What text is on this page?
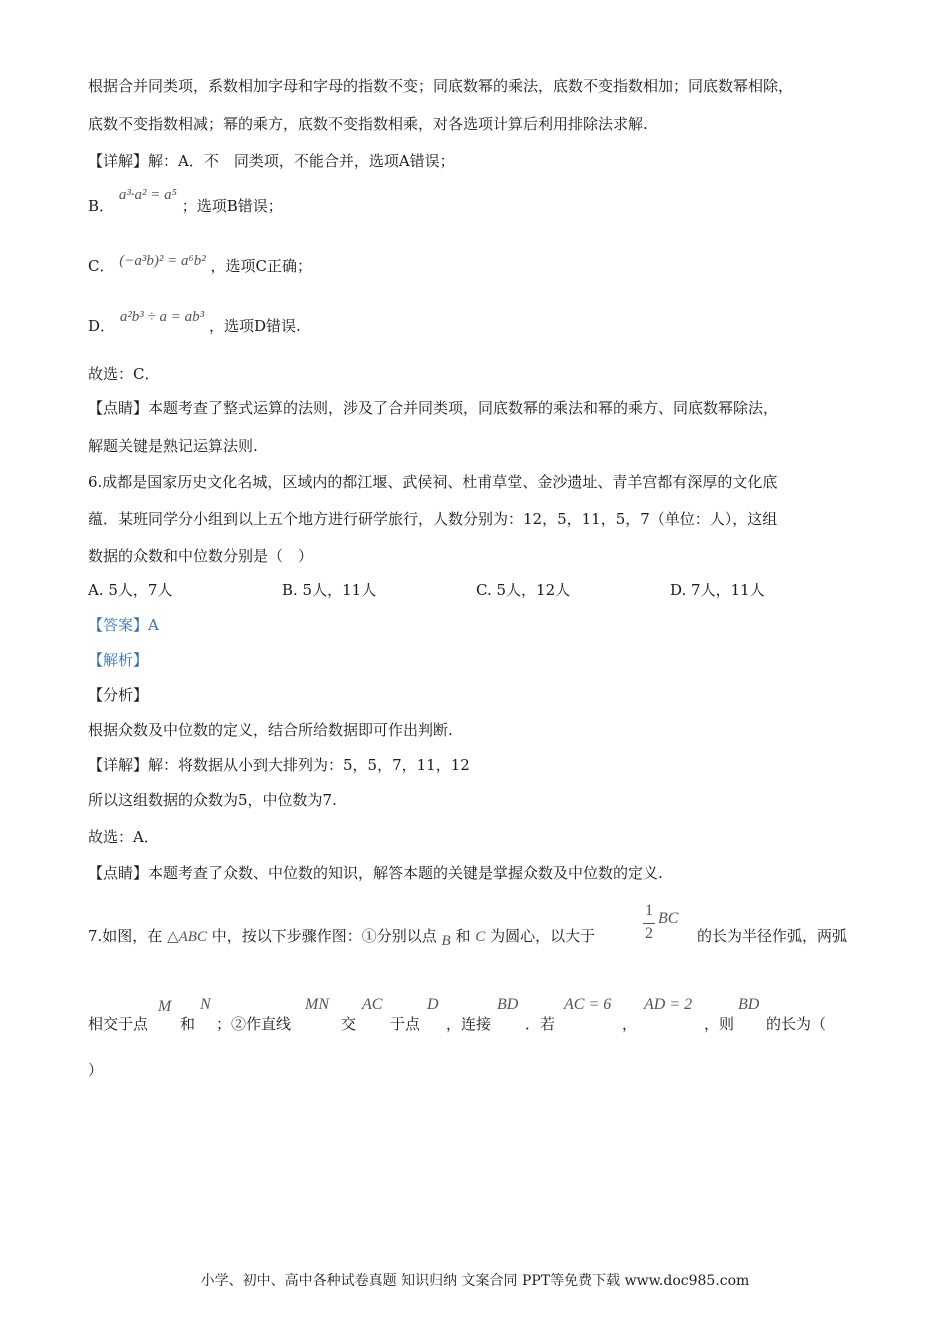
根据合并同类项，系数相加字母和字母的指数不变；同底数幂的乘法，底数不变指数相加；同底数幂相除，
底数不变指数相减；幂的乘方，底数不变指数相乘，对各选项计算后利用排除法求解.
【详解】解：A．不　同类项，不能合并，选项A错误；
B． a³·a² = a⁵ ；选项B错误；
C． (−a³b)² = a⁶b² ，选项C正确；
D． a²b³ ÷ a = ab³ ，选项D错误.
故选：C．
【点睛】本题考查了整式运算的法则，涉及了合并同类项，同底数幂的乘法和幂的乘方、同底数幂除法，
解题关键是熟记运算法则.
6.成都是国家历史文化名城，区域内的都江堰、武侯祠、杜甫草堂、金沙遗址、青羊宫都有深厚的文化底
蕴．某班同学分小组到以上五个地方进行研学旅行，人数分别为：12，5，11，5，7（单位：人），这组
数据的众数和中位数分别是（　）
A. 5人，7人	B. 5人，11人	C. 5人，12人	D. 7人，11人
【答案】A
【解析】
【分析】
根据众数及中位数的定义，结合所给数据即可作出判断.
【详解】解：将数据从小到大排列为：5，5，7，11，12
所以这组数据的众数为5，中位数为7.
故选：A．
【点睛】本题考查了众数、中位数的知识，解答本题的关键是掌握众数及中位数的定义.
7.如图，在 △ABC 中，按以下步骤作图：①分别以点 B 和 C 为圆心，以大于
1
2
BC
的长为半径作弧，两弧
相交于点
M
和
N
；②作直线
MN
交
AC
于点
D
，连接
BD
．若
AC = 6
，
AD = 2
，则
BD
的长为（
）
小学、初中、高中各种试卷真题 知识归纳 文案合同 PPT等免费下载 www.doc985.com
